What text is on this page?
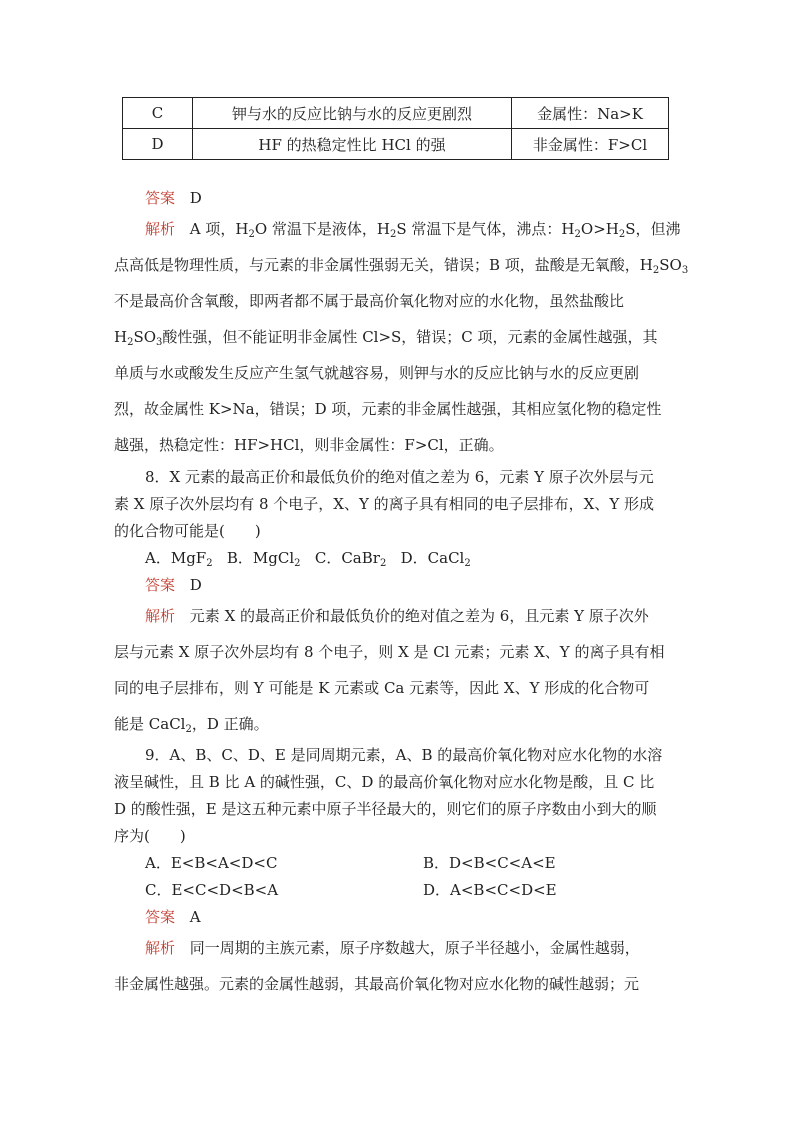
C	钾与水的反应比钠与水的反应更剧烈	金属性：Na>K
D	HF 的热稳定性比 HCl 的强	非金属性：F>Cl
答案 D
解析 A 项，$H_2O$ 常温下是液体，$H_2S$ 常温下是气体，沸点：$H_2O>H_2S$，但沸
点高低是物理性质，与元素的非金属性强弱无关，错误；B 项，盐酸是无氧酸，$H_2SO_3$
不是最高价含氧酸，即两者都不属于最高价氧化物对应的水化物，虽然盐酸比
$H_2SO_3$酸性强，但不能证明非金属性 Cl>S，错误；C 项，元素的金属性越强，其
单质与水或酸发生反应产生氢气就越容易，则钾与水的反应比钠与水的反应更剧
烈，故金属性 K>Na，错误；D 项，元素的非金属性越强，其相应氢化物的稳定性
越强，热稳定性：HF>HCl，则非金属性：F>Cl，正确。
8．X 元素的最高正价和最低负价的绝对值之差为 6，元素 Y 原子次外层与元
素 X 原子次外层均有 8 个电子，X、Y 的离子具有相同的电子层排布，X、Y 形成
的化合物可能是(　　)
A．MgF$_2$ B．MgCl$_2$ C．CaBr$_2$ D．CaCl$_2$
答案 D
解析 元素 X 的最高正价和最低负价的绝对值之差为 6，且元素 Y 原子次外
层与元素 X 原子次外层均有 8 个电子，则 X 是 Cl 元素；元素 X、Y 的离子具有相
同的电子层排布，则 Y 可能是 K 元素或 Ca 元素等，因此 X、Y 形成的化合物可
能是 CaCl$_2$，D 正确。
9．A、B、C、D、E 是同周期元素，A、B 的最高价氧化物对应水化物的水溶
液呈碱性，且 B 比 A 的碱性强，C、D 的最高价氧化物对应水化物是酸，且 C 比
D 的酸性强，E 是这五种元素中原子半径最大的，则它们的原子序数由小到大的顺
序为(　　)
A．E<B<A<D<C	B．D<B<C<A<E
C．E<C<D<B<A	D．A<B<C<D<E
答案 A
解析 同一周期的主族元素，原子序数越大，原子半径越小，金属性越弱，
非金属性越强。元素的金属性越弱，其最高价氧化物对应水化物的碱性越弱；元
